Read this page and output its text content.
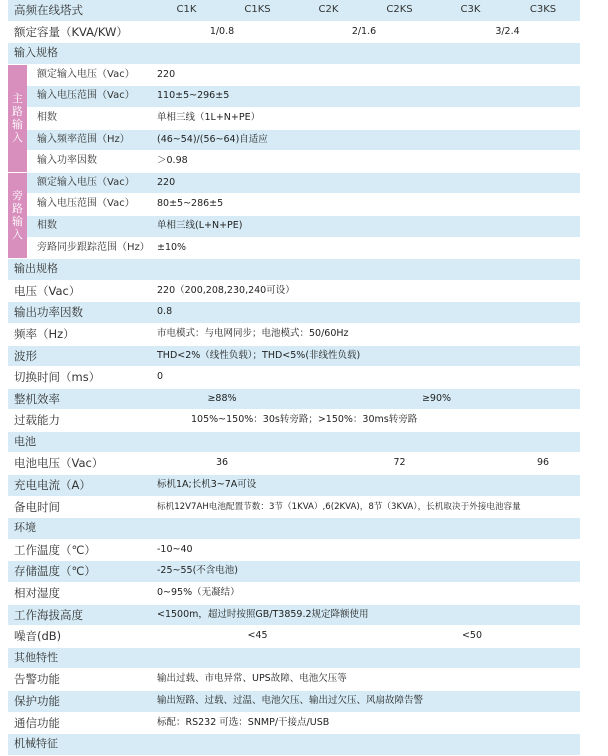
高频在线塔式		C1K	C1KS	C2K	C2KS	C3K	C3KS
额定容量（KVA/KW）		1/0.8		2/1.6		3/2.4	
输入规格							

主
路
输
入	额定输入电压（Vac）	220					
	输入电压范围（Vac）	110±5~296±5					
	相数	单相三线（1L+N+PE）					
	输入频率范围（Hz）	(46~54)/(56~64)自适应					
	输入功率因数	＞0.98					

旁
路
输
入	额定输入电压（Vac）	220					
	输入电压范围（Vac）	80±5~286±5					
	相数	单相三线(L+N+PE)					
	旁路同步跟踪范围（Hz）	±10%					
输出规格							
电压（Vac）		220（200,208,230,240可设）					
输出功率因数		0.8					
频率（Hz）		市电模式：与电网同步；电池模式：50/60Hz					
波形		THD<2%（线性负载）；THD<5%(非线性负载)					
切换时间（ms）		0					
整机效率		≥88%		≥90%			
过载能力		105%~150%：30s转旁路；>150%：30ms转旁路					
电池							
电池电压（Vac）		36		72			96
充电电流（A）		标机1A;长机3~7A可设					
备电时间		标机12V7AH电池配置节数：3节（1KVA）,6(2KVA)，8节（3KVA），长机取决于外接电池容量					
环境							
工作温度（℃）		-10~40					
存储温度（℃）		-25~55(不含电池)					
相对湿度		0~95%（无凝结）					
工作海拔高度		<1500m，超过时按照GB/T3859.2规定降额使用					
噪音(dB)		<45			<50		
其他特性							
告警功能		输出过载、市电异常、UPS故障、电池欠压等					
保护功能		输出短路、过载、过温、电池欠压、输出过欠压、风扇故障告警					
通信功能		标配：RS232 可选：SNMP/干接点/USB					
机械特征							
